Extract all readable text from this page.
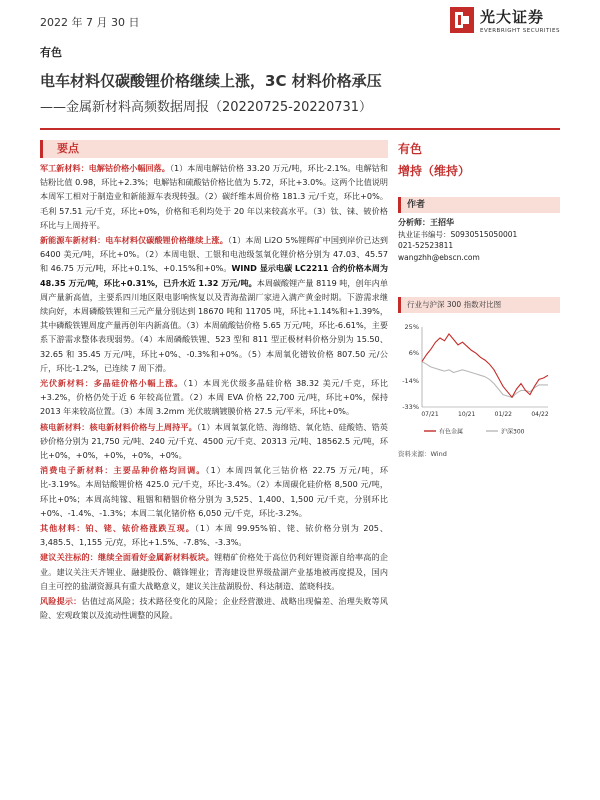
2022 年 7 月 30 日	光大证券
EVERBRIGHT SECURITIES
有色
电车材料仅碳酸锂价格继续上涨，3C 材料价格承压
——金属新材料高频数据周报（20220725-20220731）
要点
军工新材料：电解钴价格小幅回落。（1）本周电解钴价格 33.20 万元/吨，环比-2.1%。电解钴和钴粉比值 0.98，环比+2.3%；电解钴和硫酸钴价格比值为 5.72，环比+3.0%。这两个比值说明本周军工相对于制造业和新能源车表现转强。（2）碳纤维本周价格 181.3 元/千克，环比+0%。毛利 57.51 元/千克，环比+0%，价格和毛利均处于 20 年以来较高水平。（3）钛、铼、铍价格环比与上周持平。
新能源车新材料：电车材料仅碳酸锂价格继续上涨。（1）本周 Li2O 5%锂辉矿中国到岸价已达到 6400 美元/吨，环比+0%。（2）本周电银、工银和电池级氢氧化锂价格分别为 47.03、45.57 和 46.75 万元/吨，环比+0.1%、+0.15%和+0%。WIND 显示电碳 LC2211 合约价格本周为 48.35 万元/吨，环比+0.31%，已升水近 1.32 万元/吨。本周碳酸锂产量 8119 吨，创年内单周产量新高值，主要系四川地区限电影响恢复以及青海盐湖厂家进入满产黄金时期。下游需求继续向好，本周磷酸铁锂和三元产量分别达到 18670 吨和 11705 吨，环比+1.14%和+1.39%，其中磷酸铁锂周度产量再创年内新高值。（3）本周硫酸钴价格 5.65 万元/吨，环比-6.61%，主要系下游需求整体表现弱势。（4）本周磷酸铁锂、523 型和 811 型正极材料价格分别为 15.50、32.65 和 35.45 万元/吨，环比+0%、-0.3%和+0%。（5）本周氧化镨钕价格 807.50 元/公斤，环比-1.2%，已连续 7 周下滑。
光伏新材料：多晶硅价格小幅上涨。（1）本周光伏级多晶硅价格 38.32 美元/千克，环比+3.2%，价格仍处于近 6 年较高位置。（2）本周 EVA 价格 22,700 元/吨，环比+0%，保持 2013 年来较高位置。（3）本周 3.2mm 光伏玻璃镀膜价格 27.5 元/平米，环比+0%。
核电新材料：核电新材料价格与上周持平。（1）本周氧氯化锆、海绵锆、氧化锆、硅酸锆、锆英砂价格分别为 21,750 元/吨、240 元/千克、4500 元/千克、20313 元/吨、18562.5 元/吨，环比+0%，+0%，+0%，+0%，+0%。
消费电子新材料：主要品种价格均回调。（1）本周四氧化三钴价格 22.75 万元/吨，环比-3.19%。本周钴酸锂价格 425.0 元/千克，环比-3.4%。（2）本周碳化硅价格 8,500 元/吨，环比+0%；本周高纯镓、粗铟和精铟价格分别为 3,525、1,400、1,500 元/千克，分别环比+0%、-1.4%、-1.3%；本周二氧化锗价格 6,050 元/千克，环比-3.2%。
其他材料：铂、铑、铱价格涨跌互现。（1）本周 99.95%铂、铑、铱价格分别为 205、3,485.5、1,155 元/克，环比+1.5%、-7.8%、-3.3%。
建议关注标的：继续全面看好金属新材料板块。锂精矿价格处于高位仍利好锂资源自给率高的企业。建议关注天齐锂业、融捷股份、赣锋锂业；青海建设世界级盐湖产业基地被再度提及，国内自主可控的盐湖资源具有重大战略意义，建议关注盐湖股份、科达制造、蓝晓科技。
风险提示：估值过高风险；技术路径变化的风险；企业经营激进、战略出现偏差、治理失败等风险、宏观政策以及流动性调整的风险。
有色
增持（维持）
作者
分析师：王招华
执业证书编号：S0930515050001
021-52523811
wangzhh@ebscn.com
行业与沪深 300 指数对比图
25%
6%
-14%
-33%
07/21	10/21	01/22	04/22
有色金属	沪深300
资料来源：Wind
